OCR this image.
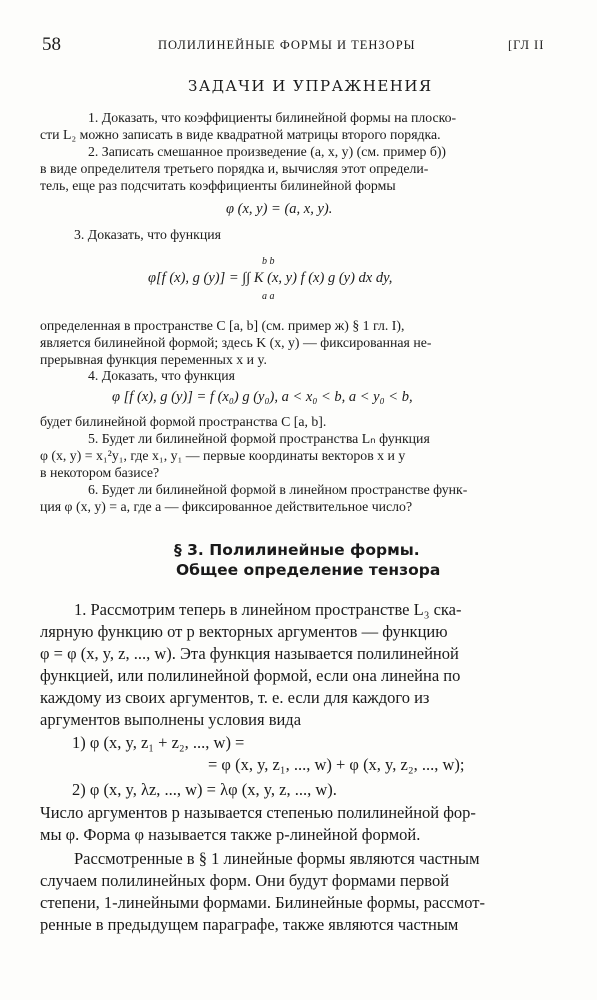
58	ПОЛИЛИНЕЙНЫЕ ФОРМЫ И ТЕНЗОРЫ	[ГЛ II
ЗАДАЧИ И УПРАЖНЕНИЯ
1. Доказать, что коэффициенты билинейной формы на плоско-
сти L₂ можно записать в виде квадратной матрицы второго порядка.
2. Записать смешанное произведение (a, x, y) (см. пример б))
в виде определителя третьего порядка и, вычисляя этот определи-
тель, еще раз подсчитать коэффициенты билинейной формы
φ (x, y) = (a, x, y).
3. Доказать, что функция
b b
φ[f (x), g (y)] = ∫∫ K (x, y) f (x) g (y) dx dy,
a a
определенная в пространстве C [a, b] (см. пример ж) § 1 гл. I),
является билинейной формой; здесь K (x, y) — фиксированная не-
прерывная функция переменных x и y.
4. Доказать, что функция
φ [f (x), g (y)] = f (x₀) g (y₀), a < x₀ < b, a < y₀ < b,
будет билинейной формой пространства C [a, b].
5. Будет ли билинейной формой пространства Lₙ функция
φ (x, y) = x₁²y₁, где x₁, y₁ — первые координаты векторов x и y
в некотором базисе?
6. Будет ли билинейной формой в линейном пространстве функ-
ция φ (x, y) = a, где a — фиксированное действительное число?
§ 3. Полилинейные формы.
Общее определение тензора
1. Рассмотрим теперь в линейном пространстве L₃ ска-
лярную функцию от p векторных аргументов — функцию
φ = φ (x, y, z, ..., w). Эта функция называется полилинейной
функцией, или полилинейной формой, если она линейна по
каждому из своих аргументов, т. е. если для каждого из
аргументов выполнены условия вида
1) φ (x, y, z₁ + z₂, ..., w) =
= φ (x, y, z₁, ..., w) + φ (x, y, z₂, ..., w);
2) φ (x, y, λz, ..., w) = λφ (x, y, z, ..., w).
Число аргументов p называется степенью полилинейной фор-
мы φ. Форма φ называется также p-линейной формой.
Рассмотренные в § 1 линейные формы являются частным
случаем полилинейных форм. Они будут формами первой
степени, 1-линейными формами. Билинейные формы, рассмот-
ренные в предыдущем параграфе, также являются частным
